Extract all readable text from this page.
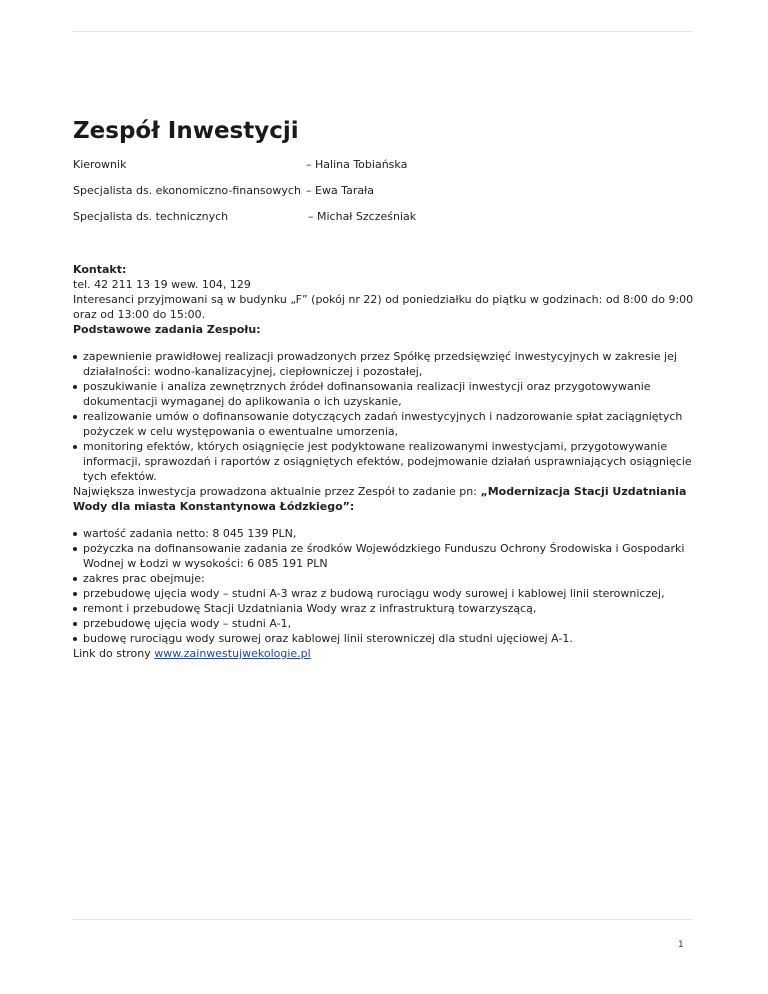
Zespół Inwestycji
Kierownik	– Halina Tobiańska
Specjalista ds. ekonomiczno-finansowych – Ewa Tarała
Specjalista ds. technicznych	– Michał Szcześniak

Kontakt:

tel. 42 211 13 19 wew. 104, 129

Interesanci przyjmowani są w budynku „F” (pokój nr 22) od poniedziałku do piątku w godzinach: od 8:00 do 9:00 oraz od 13:00 do 15:00.

Podstawowe zadania Zespołu:

zapewnienie prawidłowej realizacji prowadzonych przez Spółkę przedsięwzięć inwestycyjnych w zakresie jej działalności: wodno-kanalizacyjnej, ciepłowniczej i pozostałej,
poszukiwanie i analiza zewnętrznych źródeł dofinansowania realizacji inwestycji oraz przygotowywanie dokumentacji wymaganej do aplikowania o ich uzyskanie,
realizowanie umów o dofinansowanie dotyczących zadań inwestycyjnych i nadzorowanie spłat zaciągniętych pożyczek w celu występowania o ewentualne umorzenia,
monitoring efektów, których osiągnięcie jest podyktowane realizowanymi inwestycjami, przygotowywanie informacji, sprawozdań i raportów z osiągniętych efektów, podejmowanie działań usprawniających osiągnięcie tych efektów.

Największa inwestycja prowadzona aktualnie przez Zespół to zadanie pn: „Modernizacja Stacji Uzdatniania Wody dla miasta Konstantynowa Łódzkiego”:

wartość zadania netto: 8 045 139 PLN,
pożyczka na dofinansowanie zadania ze środków Wojewódzkiego Funduszu Ochrony Środowiska i Gospodarki Wodnej w Łodzi w wysokości: 6 085 191 PLN
zakres prac obejmuje:
przebudowę ujęcia wody – studni A-3 wraz z budową rurociągu wody surowej i kablowej linii sterowniczej,
remont i przebudowę Stacji Uzdatniania Wody wraz z infrastrukturą towarzyszącą,
przebudowę ujęcia wody – studni A-1,
budowę rurociągu wody surowej oraz kablowej linii sterowniczej dla studni ujęciowej A-1.

Link do strony www.zainwestujwekologie.pl

1
